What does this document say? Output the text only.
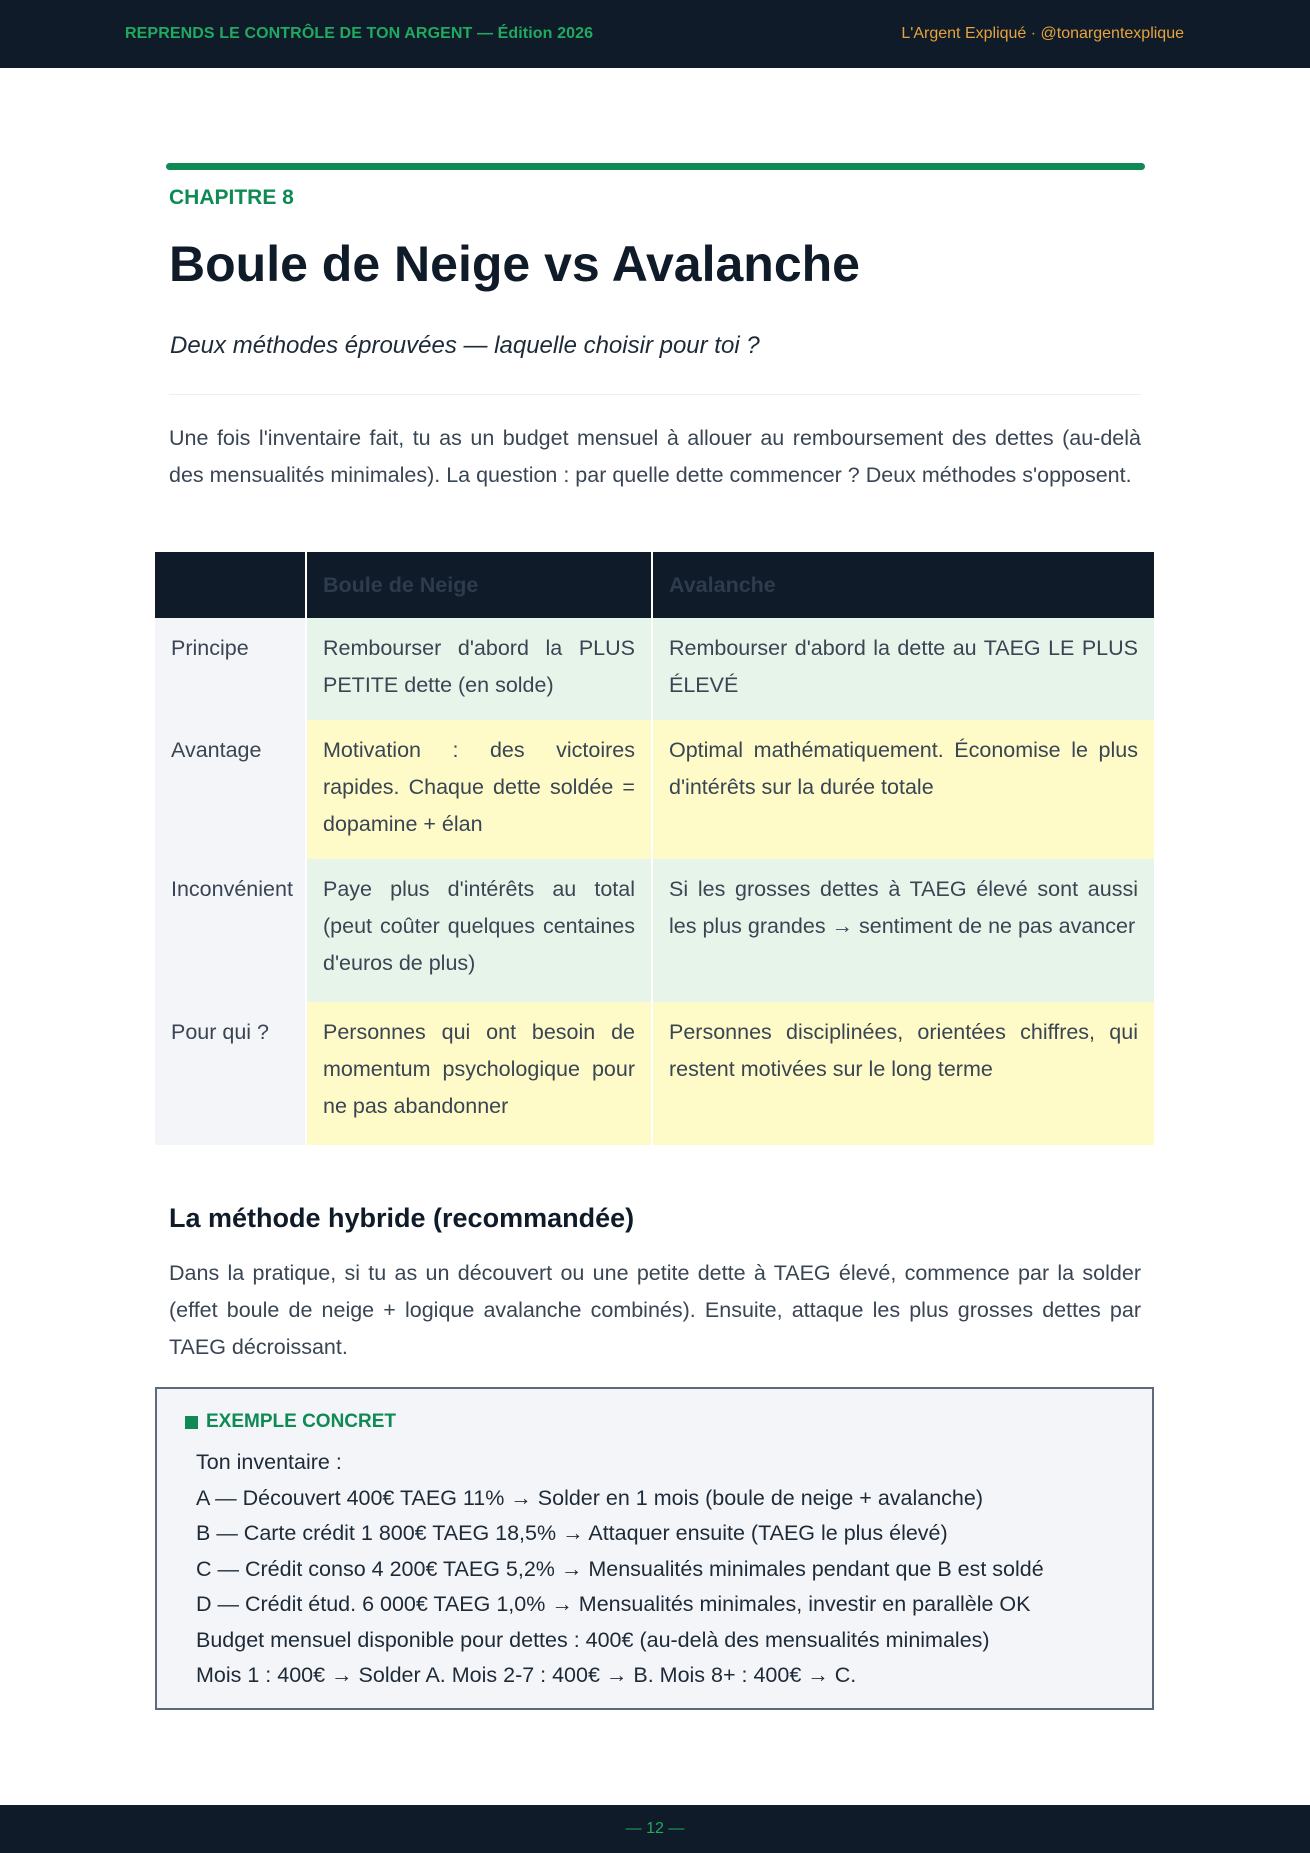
REPRENDS LE CONTRÔLE DE TON ARGENT — Édition 2026	L'Argent Expliqué · @tonargentexplique
CHAPITRE 8
Boule de Neige vs Avalanche

Deux méthodes éprouvées — laquelle choisir pour toi ?

Une fois l'inventaire fait, tu as un budget mensuel à allouer au remboursement des dettes (au-delà des mensualités minimales). La question : par quelle dette commencer ? Deux méthodes s'opposent.

	Boule de Neige	Avalanche
Principe	Rembourser d'abord la PLUS PETITE dette (en solde)	Rembourser d'abord la dette au TAEG LE PLUS ÉLEVÉ
Avantage	Motivation : des victoires rapides. Chaque dette soldée = dopamine + élan	Optimal mathématiquement. Économise le plus d'intérêts sur la durée totale
Inconvénient	Paye plus d'intérêts au total (peut coûter quelques centaines d'euros de plus)	Si les grosses dettes à TAEG élevé sont aussi les plus grandes → sentiment de ne pas avancer
Pour qui ?	Personnes qui ont besoin de momentum psychologique pour ne pas abandonner	Personnes disciplinées, orientées chiffres, qui restent motivées sur le long terme
La méthode hybride (recommandée)

Dans la pratique, si tu as un découvert ou une petite dette à TAEG élevé, commence par la solder (effet boule de neige + logique avalanche combinés). Ensuite, attaque les plus grosses dettes par TAEG décroissant.

EXEMPLE CONCRET
Ton inventaire :
A — Découvert 400€ TAEG 11% → Solder en 1 mois (boule de neige + avalanche)
B — Carte crédit 1 800€ TAEG 18,5% → Attaquer ensuite (TAEG le plus élevé)
C — Crédit conso 4 200€ TAEG 5,2% → Mensualités minimales pendant que B est soldé
D — Crédit étud. 6 000€ TAEG 1,0% → Mensualités minimales, investir en parallèle OK
Budget mensuel disponible pour dettes : 400€ (au-delà des mensualités minimales)
Mois 1 : 400€ → Solder A. Mois 2-7 : 400€ → B. Mois 8+ : 400€ → C.
— 12 —
